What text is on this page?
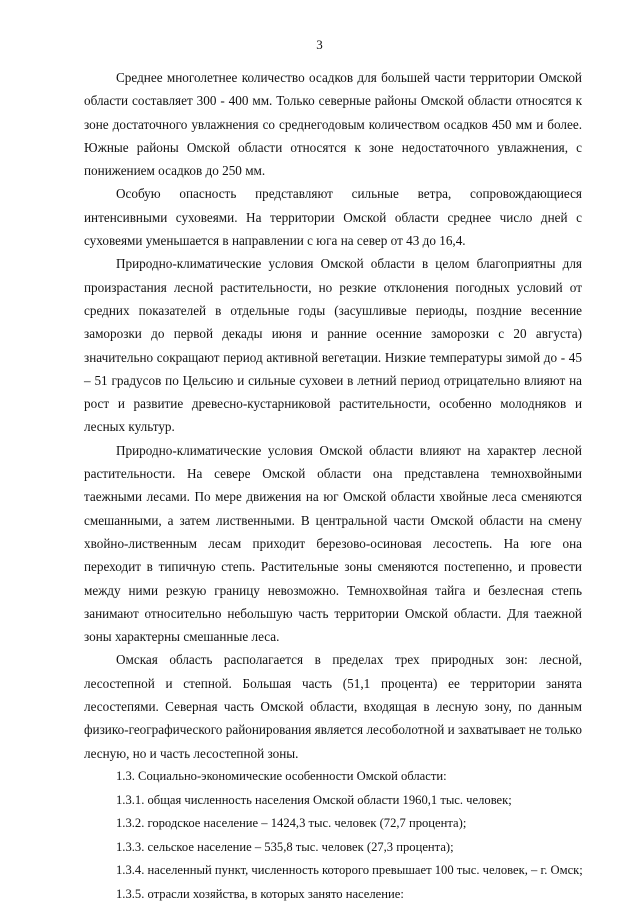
3

Среднее многолетнее количество осадков для большей части территории Омской области составляет 300 - 400 мм. Только северные районы Омской области относятся к зоне достаточного увлажнения со среднегодовым количеством осадков 450 мм и более. Южные районы Омской области относятся к зоне недостаточного увлажнения, с понижением осадков до 250 мм.

Особую опасность представляют сильные ветра, сопровождающиеся интенсивными суховеями. На территории Омской области среднее число дней с суховеями уменьшается в направлении с юга на север от 43 до 16,4.

Природно-климатические условия Омской области в целом благоприятны для произрастания лесной растительности, но резкие отклонения погодных условий от средних показателей в отдельные годы (засушливые периоды, поздние весенние заморозки до первой декады июня и ранние осенние заморозки с 20 августа) значительно сокращают период активной вегетации. Низкие температуры зимой до - 45 – 51 градусов по Цельсию и сильные суховеи в летний период отрицательно влияют на рост и развитие древесно-кустарниковой растительности, особенно молодняков и лесных культур.

Природно-климатические условия Омской области влияют на характер лесной растительности. На севере Омской области она представлена темнохвойными таежными лесами. По мере движения на юг Омской области хвойные леса сменяются смешанными, а затем лиственными. В центральной части Омской области на смену хвойно-лиственным лесам приходит березово-осиновая лесостепь. На юге она переходит в типичную степь. Растительные зоны сменяются постепенно, и провести между ними резкую границу невозможно. Темнохвойная тайга и безлесная степь занимают относительно небольшую часть территории Омской области. Для таежной зоны характерны смешанные леса.

Омская область располагается в пределах трех природных зон: лесной, лесостепной и степной. Большая часть (51,1 процента) ее территории занята лесостепями. Северная часть Омской области, входящая в лесную зону, по данным физико-географического районирования является лесоболотной и захватывает не только лесную, но и часть лесостепной зоны.

1.3. Социально-экономические особенности Омской области:

1.3.1. общая численность населения Омской области 1960,1 тыс. человек;

1.3.2. городское население – 1424,3 тыс. человек (72,7 процента);

1.3.3. сельское население – 535,8 тыс. человек (27,3 процента);

1.3.4. населенный пункт, численность которого превышает 100 тыс. человек, – г. Омск;

1.3.5. отрасли хозяйства, в которых занято население:
